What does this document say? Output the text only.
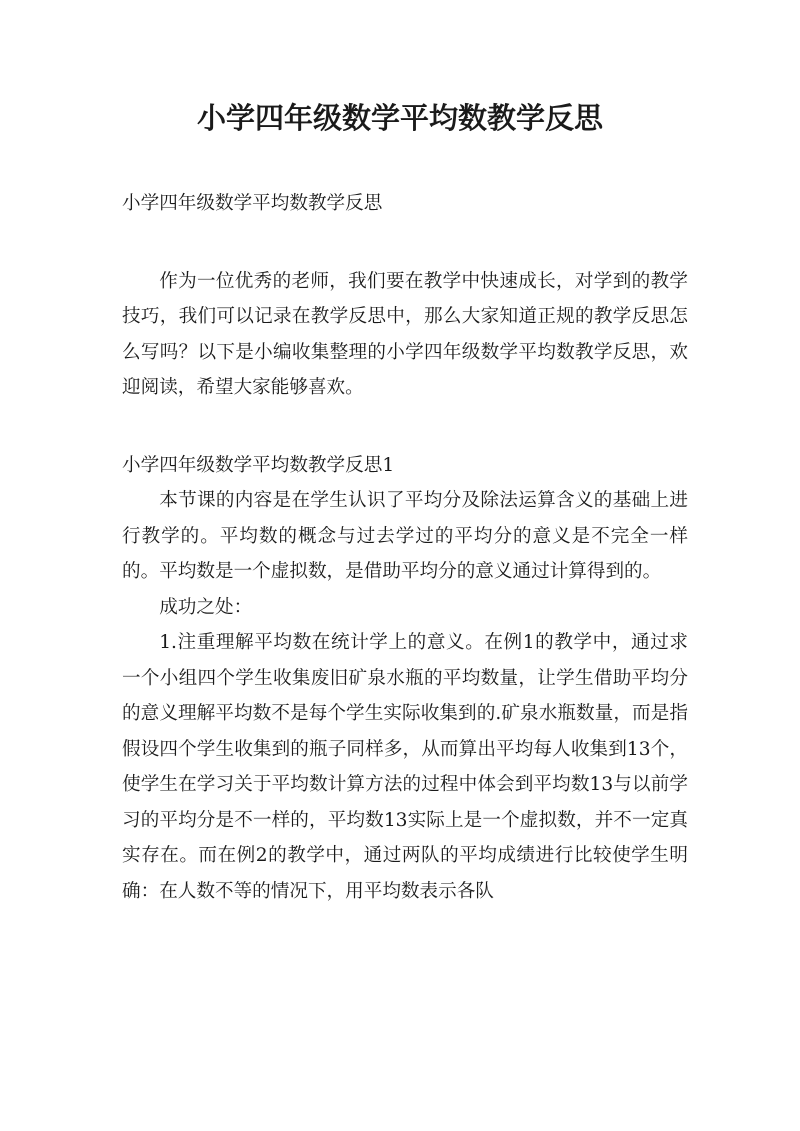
小学四年级数学平均数教学反思

小学四年级数学平均数教学反思

作为一位优秀的老师，我们要在教学中快速成长，对学到的教学技巧，我们可以记录在教学反思中，那么大家知道正规的教学反思怎么写吗？以下是小编收集整理的小学四年级数学平均数教学反思，欢迎阅读，希望大家能够喜欢。

小学四年级数学平均数教学反思1

本节课的内容是在学生认识了平均分及除法运算含义的基础上进行教学的。平均数的概念与过去学过的平均分的意义是不完全一样的。平均数是一个虚拟数，是借助平均分的意义通过计算得到的。

成功之处：

1.注重理解平均数在统计学上的意义。在例1的教学中，通过求一个小组四个学生收集废旧矿泉水瓶的平均数量，让学生借助平均分的意义理解平均数不是每个学生实际收集到的.矿泉水瓶数量，而是指假设四个学生收集到的瓶子同样多，从而算出平均每人收集到13个，使学生在学习关于平均数计算方法的过程中体会到平均数13与以前学习的平均分是不一样的，平均数13实际上是一个虚拟数，并不一定真实存在。而在例2的教学中，通过两队的平均成绩进行比较使学生明确：在人数不等的情况下，用平均数表示各队
